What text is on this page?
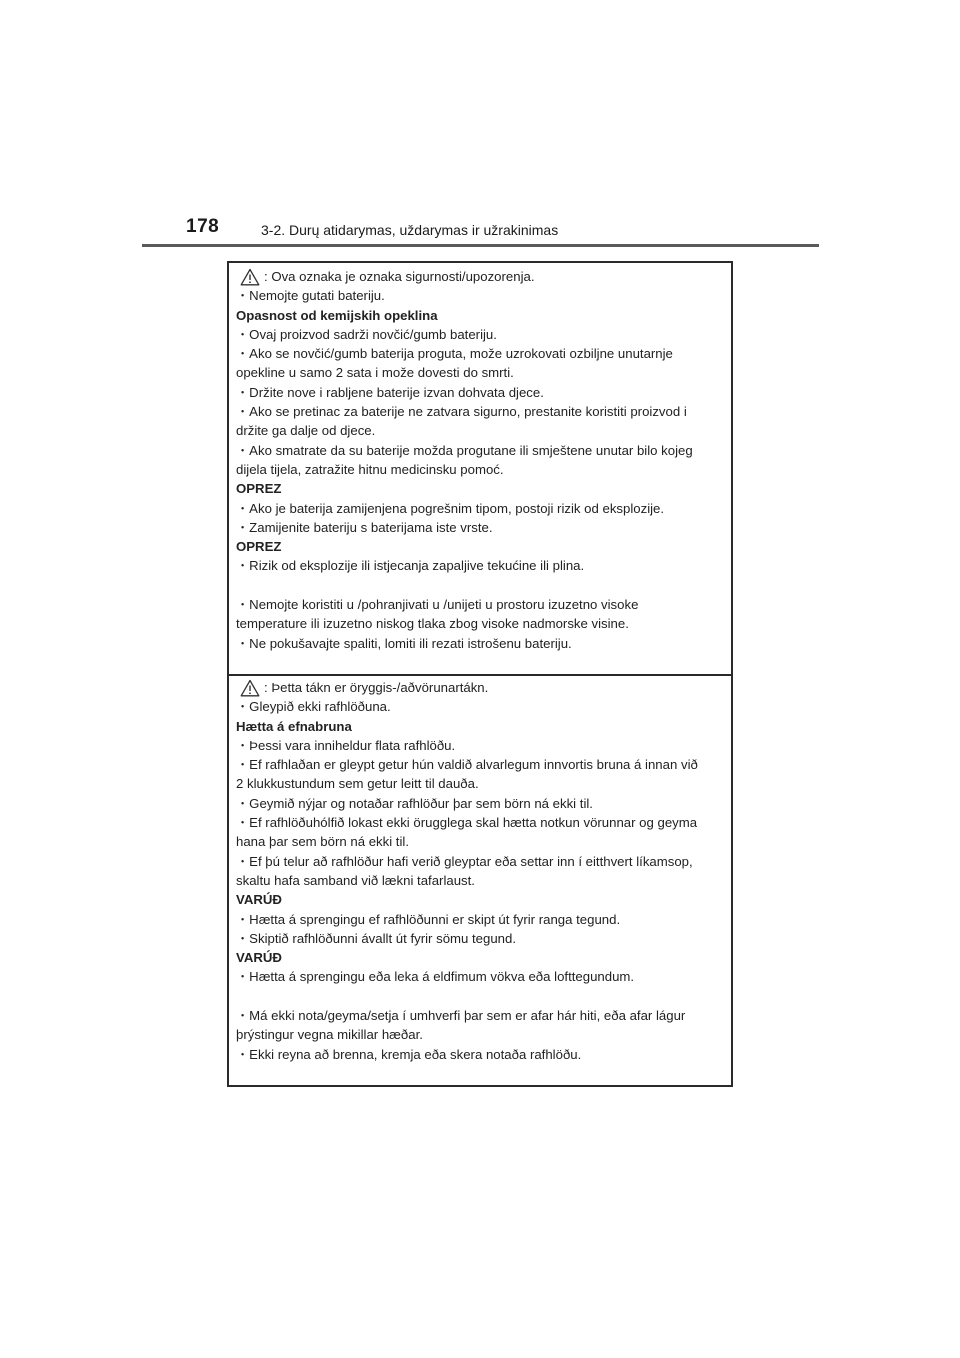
178	3-2. Durų atidarymas, uždarymas ir užrakinimas
: Ova oznaka je oznaka sigurnosti/upozorenja.
・Nemojte gutati bateriju.
Opasnost od kemijskih opeklina
・Ovaj proizvod sadrži novčić/gumb bateriju.
・Ako se novčić/gumb baterija proguta, može uzrokovati ozbiljne unutarnje
opekline u samo 2 sata i može dovesti do smrti.
・Držite nove i rabljene baterije izvan dohvata djece.
・Ako se pretinac za baterije ne zatvara sigurno, prestanite koristiti proizvod i
držite ga dalje od djece.
・Ako smatrate da su baterije možda progutane ili smještene unutar bilo kojeg
dijela tijela, zatražite hitnu medicinsku pomoć.
OPREZ
・Ako je baterija zamijenjena pogrešnim tipom, postoji rizik od eksplozije.
・Zamijenite bateriju s baterijama iste vrste.
OPREZ
・Rizik od eksplozije ili istjecanja zapaljive tekućine ili plina.
・Nemojte koristiti u /pohranjivati u /unijeti u prostoru izuzetno visoke
temperature ili izuzetno niskog tlaka zbog visoke nadmorske visine.
・Ne pokušavajte spaliti, lomiti ili rezati istrošenu bateriju.
: Þetta tákn er öryggis-/aðvörunartákn.
・Gleypið ekki rafhlöðuna.
Hætta á efnabruna
・Þessi vara inniheldur flata rafhlöðu.
・Ef rafhlaðan er gleypt getur hún valdið alvarlegum innvortis bruna á innan við
2 klukkustundum sem getur leitt til dauða.
・Geymið nýjar og notaðar rafhlöður þar sem börn ná ekki til.
・Ef rafhlöðuhólfið lokast ekki örugglega skal hætta notkun vörunnar og geyma
hana þar sem börn ná ekki til.
・Ef þú telur að rafhlöður hafi verið gleyptar eða settar inn í eitthvert líkamsop,
skaltu hafa samband við lækni tafarlaust.
VARÚÐ
・Hætta á sprengingu ef rafhlöðunni er skipt út fyrir ranga tegund.
・Skiptið rafhlöðunni ávallt út fyrir sömu tegund.
VARÚÐ
・Hætta á sprengingu eða leka á eldfimum vökva eða lofttegundum.
・Má ekki nota/geyma/setja í umhverfi þar sem er afar hár hiti, eða afar lágur
þrýstingur vegna mikillar hæðar.
・Ekki reyna að brenna, kremja eða skera notaða rafhlöðu.
